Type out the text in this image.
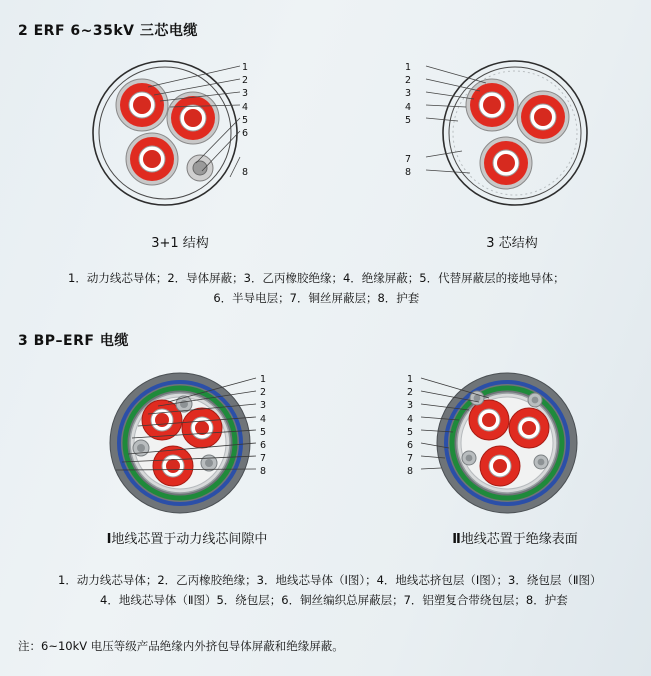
2 ERF 6~35kV 三芯电缆
1
2
3
4
5
6
8
1
2
3
4
5
7
8
3+1 结构	3 芯结构
1．动力线芯导体；2．导体屏蔽；3．乙丙橡胶绝缘；4．绝缘屏蔽；5．代替屏蔽层的接地导体；
6．半导电层；7．铜丝屏蔽层；8．护套
3 BP–ERF 电缆
1
2
3
4
5
6
7
8
1
2
3
4
5
6
7
8
Ⅰ地线芯置于动力线芯间隙中	Ⅱ地线芯置于绝缘表面
1．动力线芯导体；2．乙丙橡胶绝缘；3．地线芯导体（Ⅰ图）；4．地线芯挤包层（Ⅰ图）；3．绕包层（Ⅱ图）
4．地线芯导体（Ⅱ图）5．绕包层；6．铜丝编织总屏蔽层；7．铝塑复合带绕包层；8．护套
注：6~10kV 电压等级产品绝缘内外挤包导体屏蔽和绝缘屏蔽。
